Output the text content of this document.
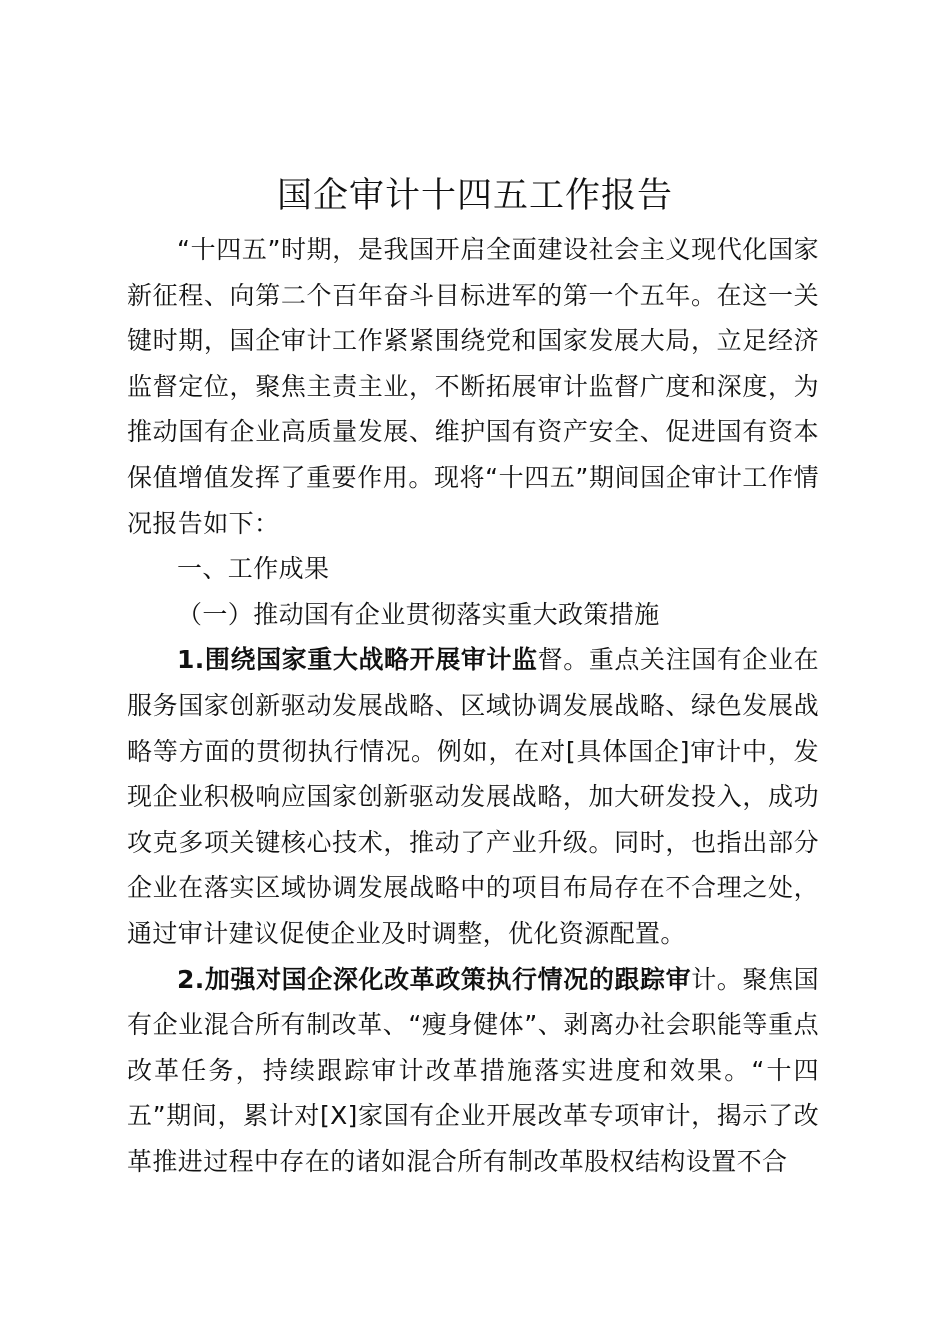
国企审计十四五工作报告

“十四五”时期，是我国开启全面建设社会主义现代化国家新征程、向第二个百年奋斗目标进军的第一个五年。在这一关键时期，国企审计工作紧紧围绕党和国家发展大局，立足经济监督定位，聚焦主责主业，不断拓展审计监督广度和深度，为推动国有企业高质量发展、维护国有资产安全、促进国有资本保值增值发挥了重要作用。现将“十四五”期间国企审计工作情况报告如下：

一、工作成果

（一）推动国有企业贯彻落实重大政策措施

1.围绕国家重大战略开展审计监督。重点关注国有企业在服务国家创新驱动发展战略、区域协调发展战略、绿色发展战略等方面的贯彻执行情况。例如，在对[具体国企]审计中，发现企业积极响应国家创新驱动发展战略，加大研发投入，成功攻克多项关键核心技术，推动了产业升级。同时，也指出部分企业在落实区域协调发展战略中的项目布局存在不合理之处，通过审计建议促使企业及时调整，优化资源配置。

2.加强对国企深化改革政策执行情况的跟踪审计。聚焦国有企业混合所有制改革、“瘦身健体”、剥离办社会职能等重点改革任务，持续跟踪审计改革措施落实进度和效果。“十四五”期间，累计对[X]家国有企业开展改革专项审计，揭示了改革推进过程中存在的诸如混合所有制改革股权结构设置不合
